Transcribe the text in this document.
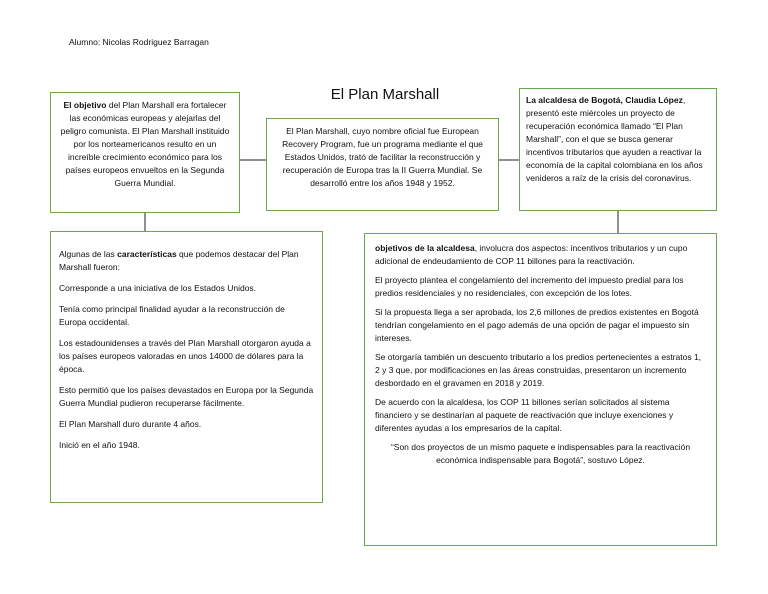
Alumno: Nicolas Rodriguez Barragan
El Plan Marshall
El objetivo del Plan Marshall era fortalecer las económicas europeas y alejarlas del peligro comunista. El Plan Marshall instituido por los norteamericanos resulto en un increíble crecimiento económico para los países europeos envueltos en la Segunda Guerra Mundial.
El Plan Marshall, cuyo nombre oficial fue European Recovery Program, fue un programa mediante el que Estados Unidos, trató de facilitar la reconstrucción y recuperación de Europa tras la II Guerra Mundial. Se desarrolló entre los años 1948 y 1952.
La alcaldesa de Bogotá, Claudia López, presentó este miércoles un proyecto de recuperación económica llamado “El Plan Marshall”, con el que se busca generar incentivos tributarios que ayuden a reactivar la economía de la capital colombiana en los años venideros a raíz de la crisis del coronavirus.

Algunas de las características que podemos destacar del Plan Marshall fueron:

Corresponde a una iniciativa de los Estados Unidos.

Tenía como principal finalidad ayudar a la reconstrucción de Europa occidental.

Los estadounidenses a través del Plan Marshall otorgaron ayuda a los países europeos valoradas en unos 14000 de dólares para la época.

Esto permitió que los países devastados en Europa por la Segunda Guerra Mundial pudieron recuperarse fácilmente.

El Plan Marshall duro durante 4 años.

Inició en el año 1948.

objetivos de la alcaldesa, involucra dos aspectos: incentivos tributarios y un cupo adicional de endeudamiento de COP 11 billones para la reactivación.

El proyecto plantea el congelamiento del incremento del impuesto predial para los predios residenciales y no residenciales, con excepción de los lotes.

Si la propuesta llega a ser aprobada, los 2,6 millones de predios existentes en Bogotá tendrían congelamiento en el pago además de una opción de pagar el impuesto sin intereses.

Se otorgaría también un descuento tributario a los predios pertenecientes a estratos 1, 2 y 3 que, por modificaciones en las áreas construidas, presentaron un incremento desbordado en el gravamen en 2018 y 2019.

De acuerdo con la alcaldesa, los COP 11 billones serían solicitados al sistema financiero y se destinarían al paquete de reactivación que incluye exenciones y diferentes ayudas a los empresarios de la capital.

“Son dos proyectos de un mismo paquete e indispensables para la reactivación económica indispensable para Bogotá”, sostuvo López.
